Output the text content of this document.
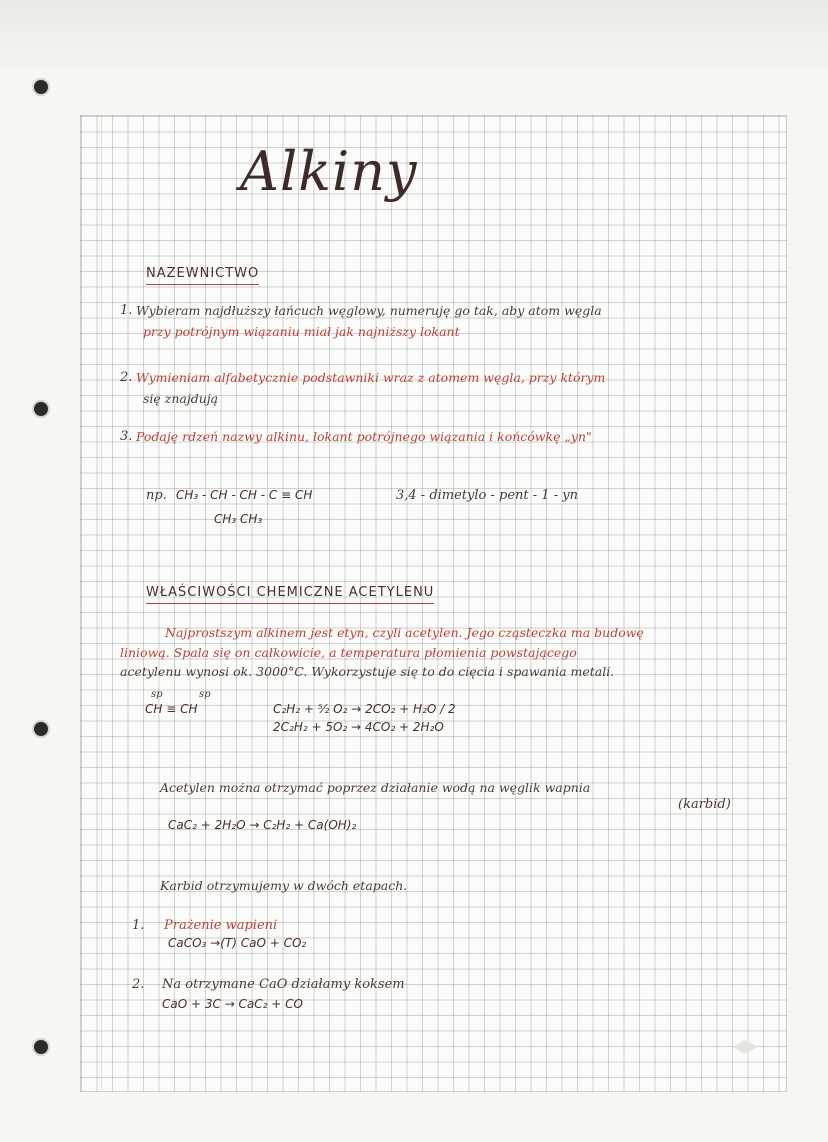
Alkiny
NAZEWNICTWO
1. Wybieram najdłuższy łańcuch węglowy, numeruję go tak, aby atom węgla
przy potrójnym wiązaniu miał jak najniższy lokant
2. Wymieniam alfabetycznie podstawniki wraz z atomem węgla, przy którym
się znajdują
3. Podaję rdzeń nazwy alkinu, lokant potrójnego wiązania i końcówkę „yn"
np. CH₃ - CH - CH - C ≡ CH
CH₃ CH₃
3,4 - dimetylo - pent - 1 - yn
WŁAŚCIWOŚCI CHEMICZNE ACETYLENU
Najprostszym alkinem jest etyn, czyli acetylen. Jego cząsteczka ma budowę
liniową. Spala się on całkowicie, a temperatura płomienia powstającego
acetylenu wynosi ok. 3000°C. Wykorzystuje się to do cięcia i spawania metali.
sp	sp
CH ≡ CH	C₂H₂ + ⁵⁄₂ O₂ → 2CO₂ + H₂O / 2
2C₂H₂ + 5O₂ → 4CO₂ + 2H₂O
Acetylen można otrzymać poprzez działanie wodą na węglik wapnia
(karbid)
CaC₂ + 2H₂O → C₂H₂ + Ca(OH)₂
Karbid otrzymujemy w dwóch etapach.
1. Prażenie wapieni
CaCO₃ →(T) CaO + CO₂
2. Na otrzymane CaO działamy koksem
CaO + 3C → CaC₂ + CO
